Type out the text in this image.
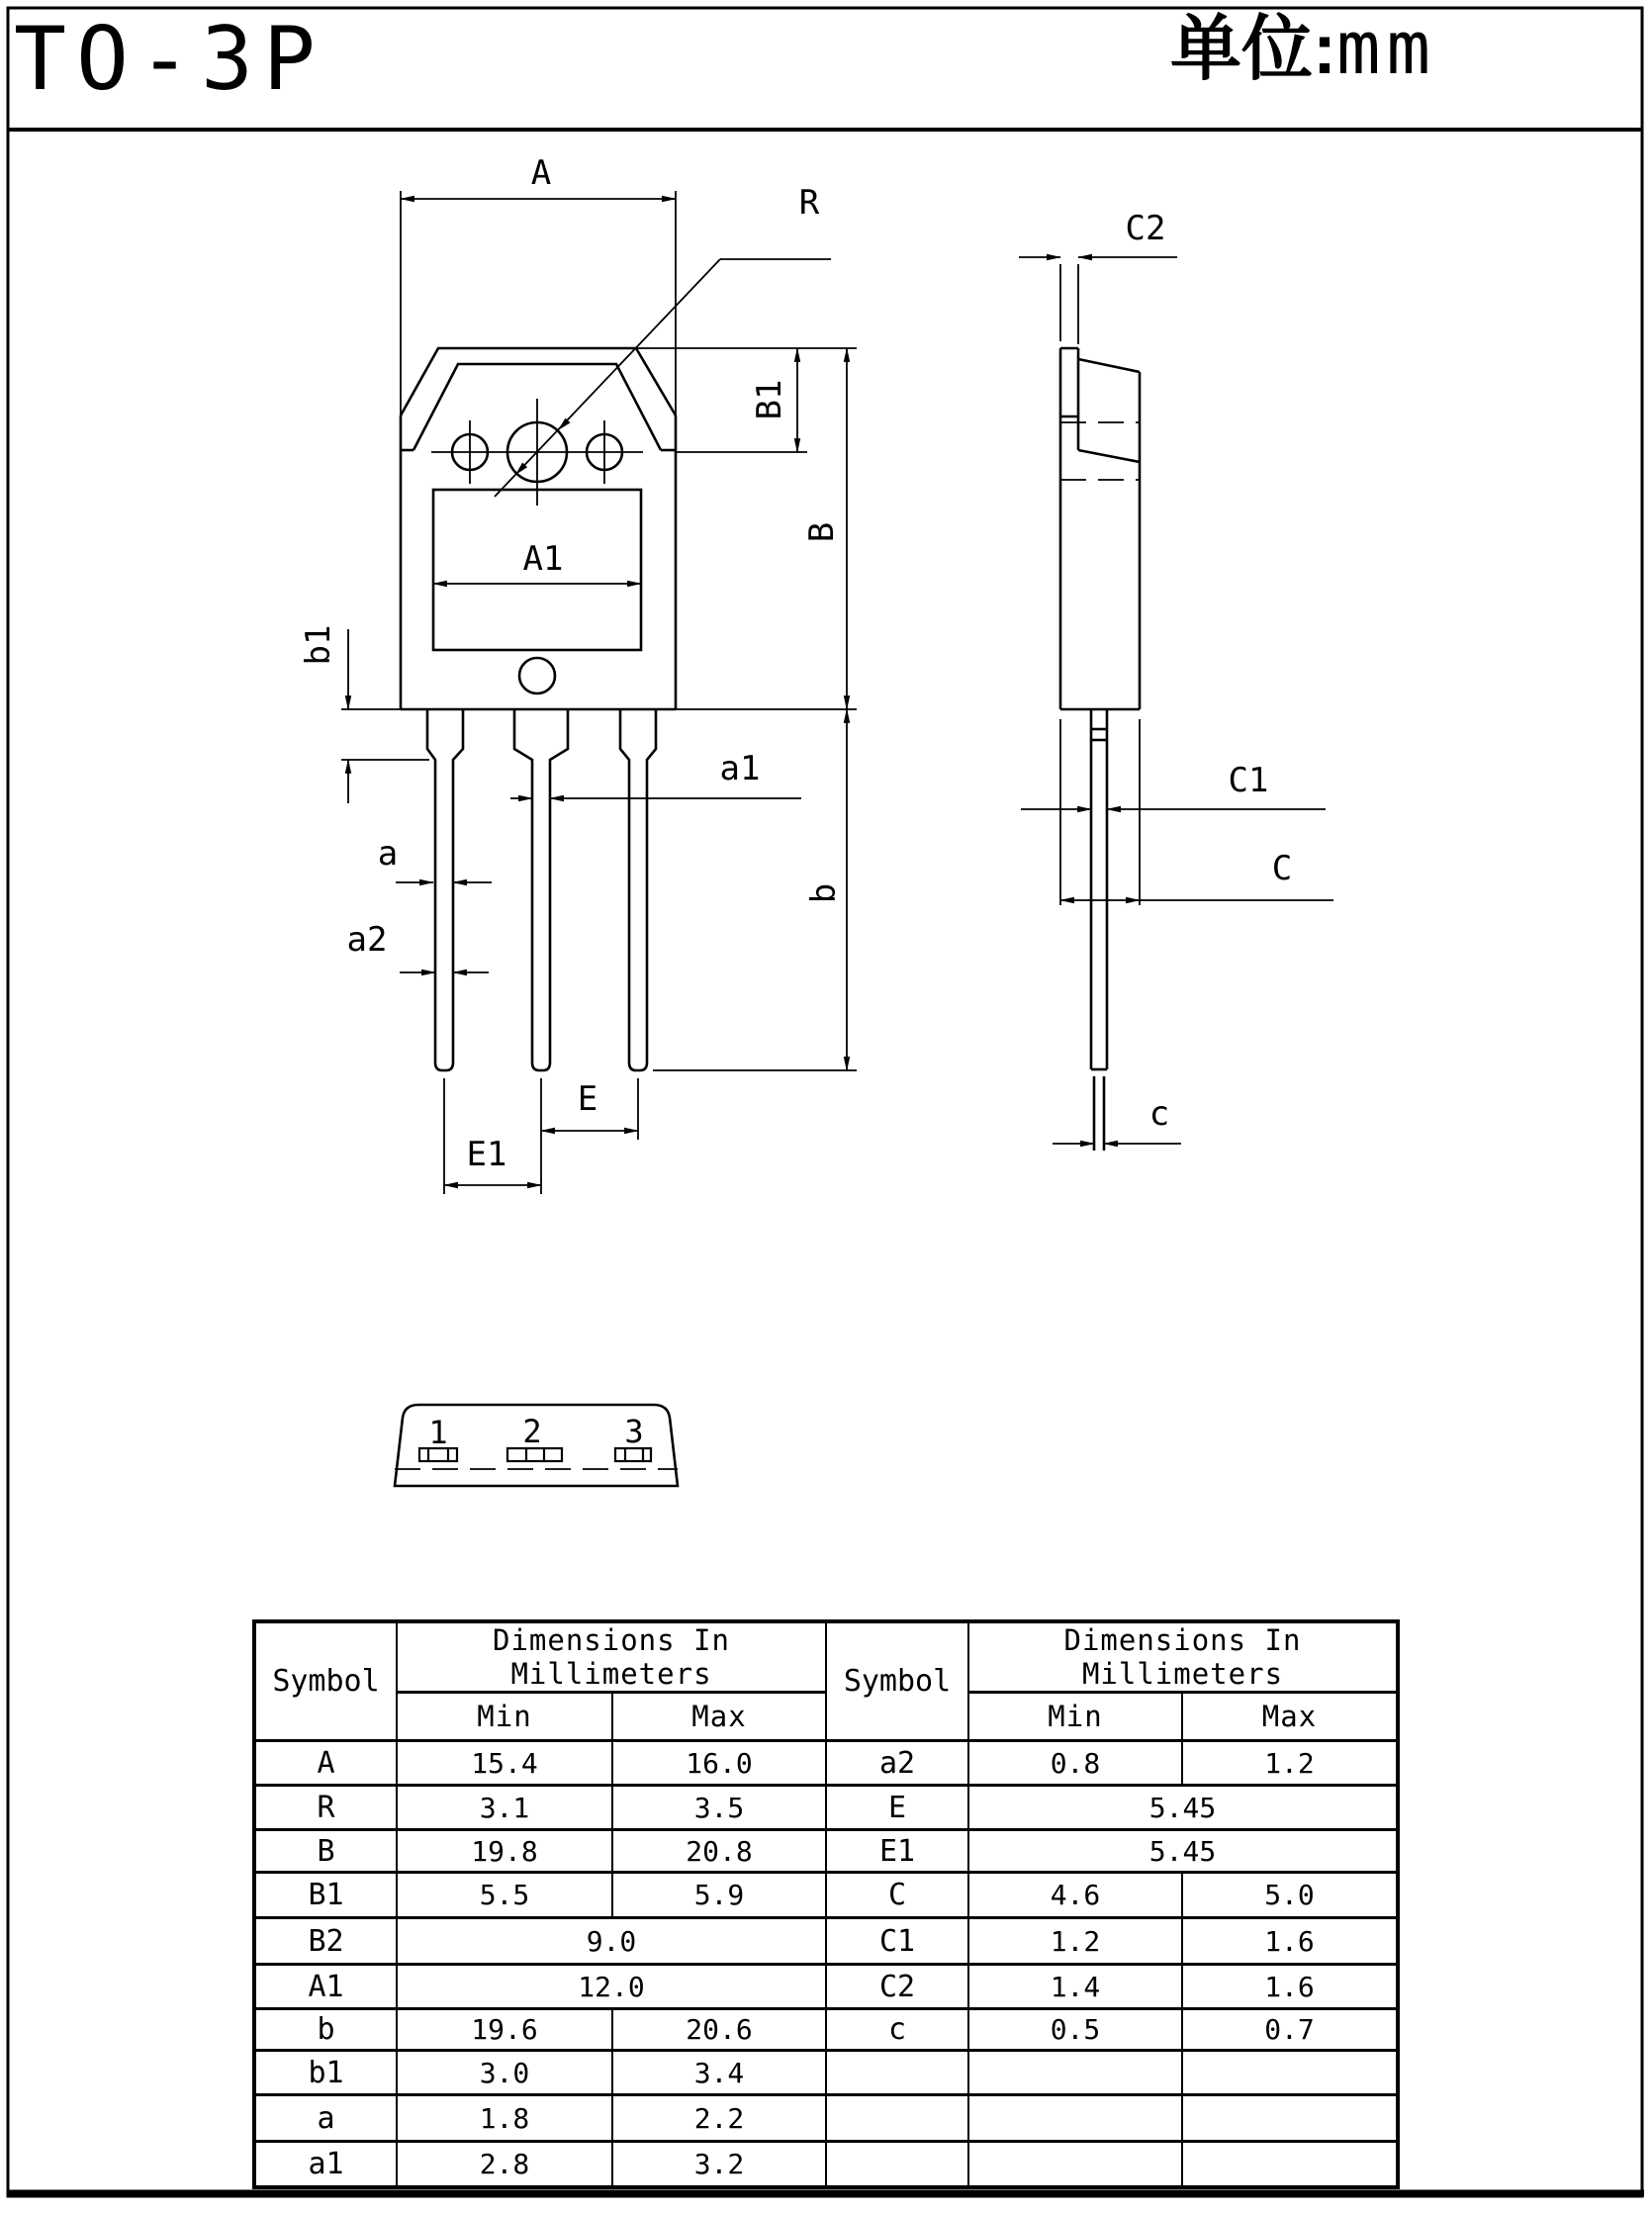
TO-3P	单位:mm
A
R
A1
B1
B
b
b1
a
a2
a1
E
E1
C2
C1
C
c
1 2	3
Symbol	Dimensions In Millimeters		Symbol	Dimensions In Millimeters	
	Min	Max		Min	Max
A	15.4	16.0	a2	0.8	1.2
R	3.1	3.5	E	5.45	
B	19.8	20.8	E1	5.45	
B1	5.5	5.9	C	4.6	5.0
B2	9.0		C1	1.2	1.6
A1	12.0		C2	1.4	1.6
b	19.6	20.6	c	0.5	0.7
b1	3.0	3.4			
a	1.8	2.2			
a1	2.8	3.2			
